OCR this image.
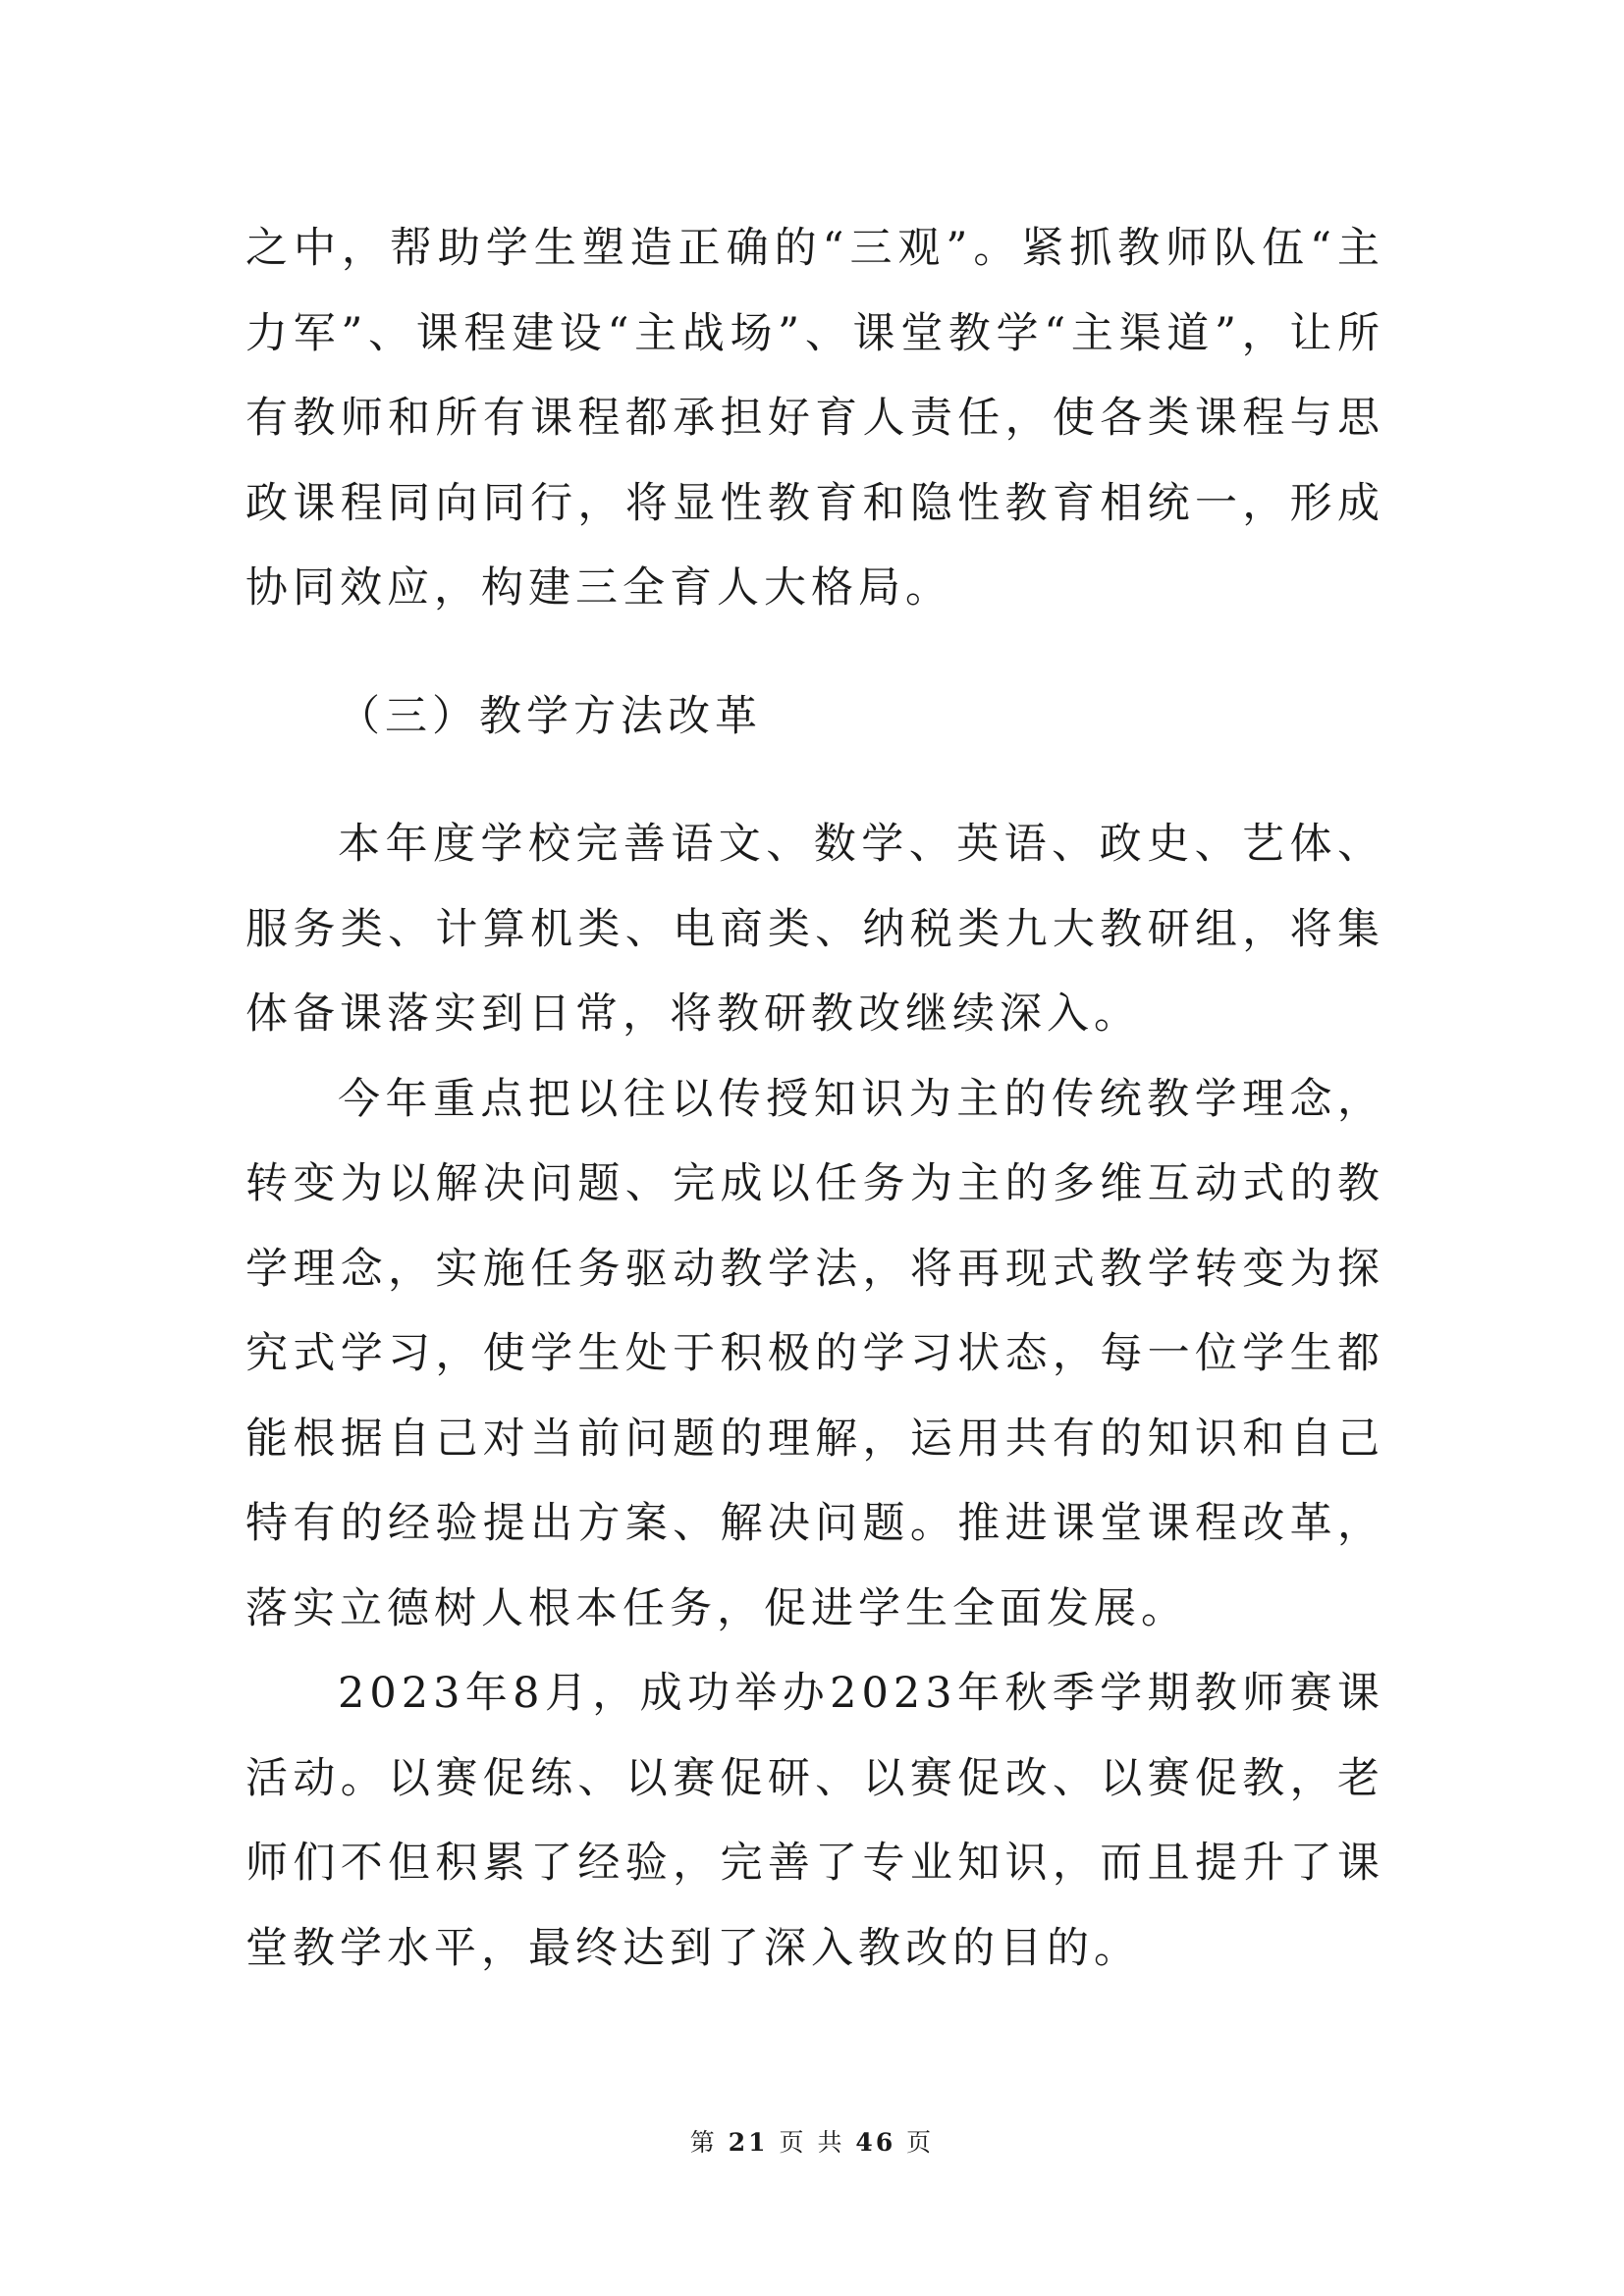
之中，帮助学生塑造正确的“三观”。紧抓教师队伍“主力军”、课程建设“主战场”、课堂教学“主渠道”，让所有教师和所有课程都承担好育人责任，使各类课程与思政课程同向同行，将显性教育和隐性教育相统一，形成协同效应，构建三全育人大格局。

（三）教学方法改革

本年度学校完善语文、数学、英语、政史、艺体、服务类、计算机类、电商类、纳税类九大教研组，将集体备课落实到日常，将教研教改继续深入。

今年重点把以往以传授知识为主的传统教学理念，转变为以解决问题、完成以任务为主的多维互动式的教学理念，实施任务驱动教学法，将再现式教学转变为探究式学习，使学生处于积极的学习状态，每一位学生都能根据自己对当前问题的理解，运用共有的知识和自己特有的经验提出方案、解决问题。推进课堂课程改革，落实立德树人根本任务，促进学生全面发展。

2023年8月，成功举办2023年秋季学期教师赛课活动。以赛促练、以赛促研、以赛促改、以赛促教，老师们不但积累了经验，完善了专业知识，而且提升了课堂教学水平，最终达到了深入教改的目的。

第 21 页 共 46 页
